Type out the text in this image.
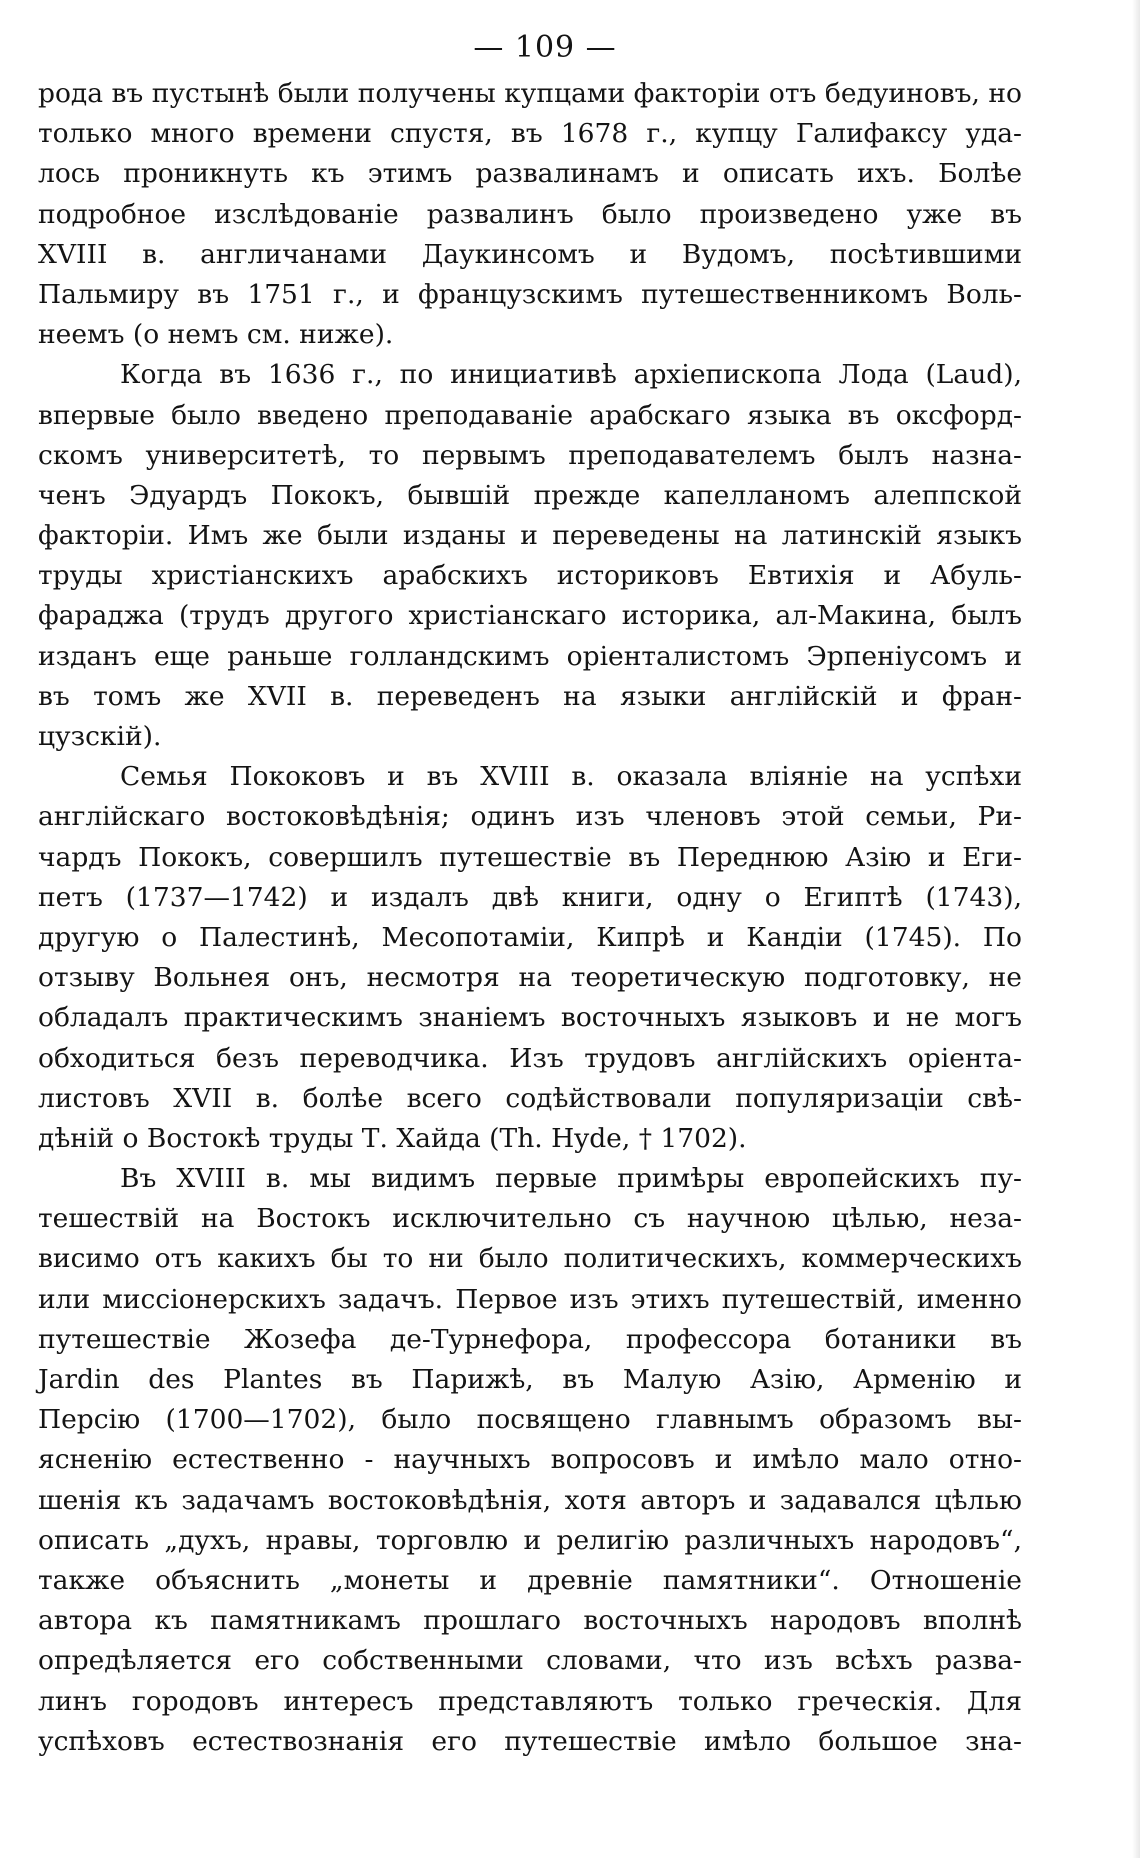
— 109 —
рода въ пустынѣ были получены купцами факторіи отъ бедуиновъ, но
только много времени спустя, въ 1678 г., купцу Галифаксу уда-
лось проникнуть къ этимъ развалинамъ и описать ихъ. Болѣе
подробное изслѣдованіе развалинъ было произведено уже въ
XVIII в. англичанами Даукинсомъ и Вудомъ, посѣтившими
Пальмиру въ 1751 г., и французскимъ путешественникомъ Воль-
неемъ (о немъ см. ниже).
Когда въ 1636 г., по инициативѣ архіепископа Лода (Laud),
впервые было введено преподаваніе арабскаго языка въ оксфорд-
скомъ университетѣ, то первымъ преподавателемъ былъ назна-
ченъ Эдуардъ Пококъ, бывшій прежде капелланомъ алеппской
факторіи. Имъ же были изданы и переведены на латинскій языкъ
труды христіанскихъ арабскихъ историковъ Евтихія и Абуль-
фараджа (трудъ другого христіанскаго историка, ал-Макина, былъ
изданъ еще раньше голландскимъ оріенталистомъ Эрпеніусомъ и
въ томъ же XVII в. переведенъ на языки англійскій и фран-
цузскій).
Семья Пококовъ и въ XVIII в. оказала вліяніе на успѣхи
англійскаго востоковѣдѣнія; одинъ изъ членовъ этой семьи, Ри-
чардъ Пококъ, совершилъ путешествіе въ Переднюю Азію и Еги-
петъ (1737—1742) и издалъ двѣ книги, одну о Египтѣ (1743),
другую о Палестинѣ, Месопотаміи, Кипрѣ и Кандіи (1745). По
отзыву Вольнея онъ, несмотря на теоретическую подготовку, не
обладалъ практическимъ знаніемъ восточныхъ языковъ и не могъ
обходиться безъ переводчика. Изъ трудовъ англійскихъ оріента-
листовъ XVII в. болѣе всего содѣйствовали популяризаціи свѣ-
дѣній о Востокѣ труды Т. Хайда (Th. Hyde, † 1702).
Въ XVIII в. мы видимъ первые примѣры европейскихъ пу-
тешествій на Востокъ исключительно съ научною цѣлью, неза-
висимо отъ какихъ бы то ни было политическихъ, коммерческихъ
или миссіонерскихъ задачъ. Первое изъ этихъ путешествій, именно
путешествіе Жозефа де-Турнефора, профессора ботаники въ
Jardin des Plantes въ Парижѣ, въ Малую Азію, Арменію и
Персію (1700—1702), было посвящено главнымъ образомъ вы-
ясненію естественно - научныхъ вопросовъ и имѣло мало отно-
шенія къ задачамъ востоковѣдѣнія, хотя авторъ и задавался цѣлью
описать „духъ, нравы, торговлю и религію различныхъ народовъ“,
также объяснить „монеты и древніе памятники“. Отношеніе
автора къ памятникамъ прошлаго восточныхъ народовъ вполнѣ
опредѣляется его собственными словами, что изъ всѣхъ разва-
линъ городовъ интересъ представляютъ только греческія. Для
успѣховъ естествознанія его путешествіе имѣло большое зна-
